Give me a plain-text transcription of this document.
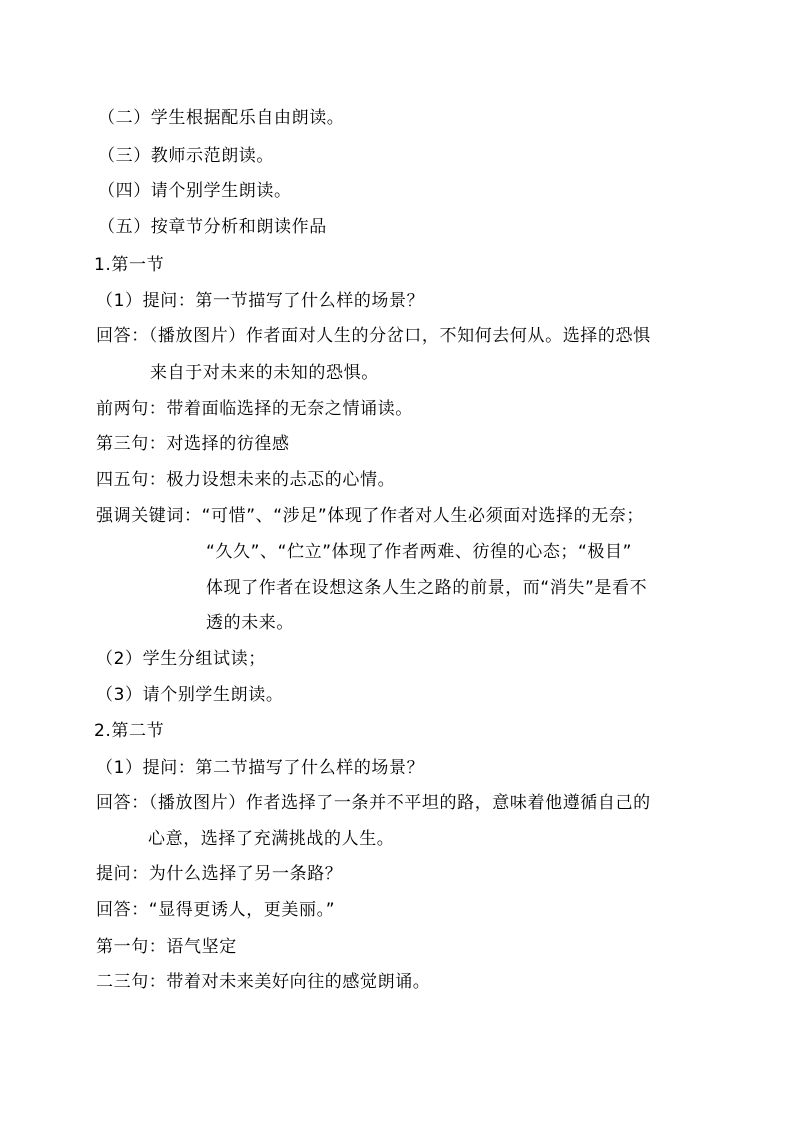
（二）学生根据配乐自由朗读。
（三）教师示范朗读。
（四）请个别学生朗读。
（五）按章节分析和朗读作品
1.第一节
（1）提问：第一节描写了什么样的场景？
回答：（播放图片）作者面对人生的分岔口，不知何去何从。选择的恐惧
来自于对未来的未知的恐惧。
前两句：带着面临选择的无奈之情诵读。
第三句：对选择的彷徨感
四五句：极力设想未来的忐忑的心情。
强调关键词：“可惜”、“涉足”体现了作者对人生必须面对选择的无奈；
“久久”、“伫立”体现了作者两难、彷徨的心态；“极目”
体现了作者在设想这条人生之路的前景，而“消失”是看不
透的未来。
（2）学生分组试读；
（3）请个别学生朗读。
2.第二节
（1）提问：第二节描写了什么样的场景？
回答：（播放图片）作者选择了一条并不平坦的路，意味着他遵循自己的
心意，选择了充满挑战的人生。
提问：为什么选择了另一条路？
回答：“显得更诱人，更美丽。”
第一句：语气坚定
二三句：带着对未来美好向往的感觉朗诵。
